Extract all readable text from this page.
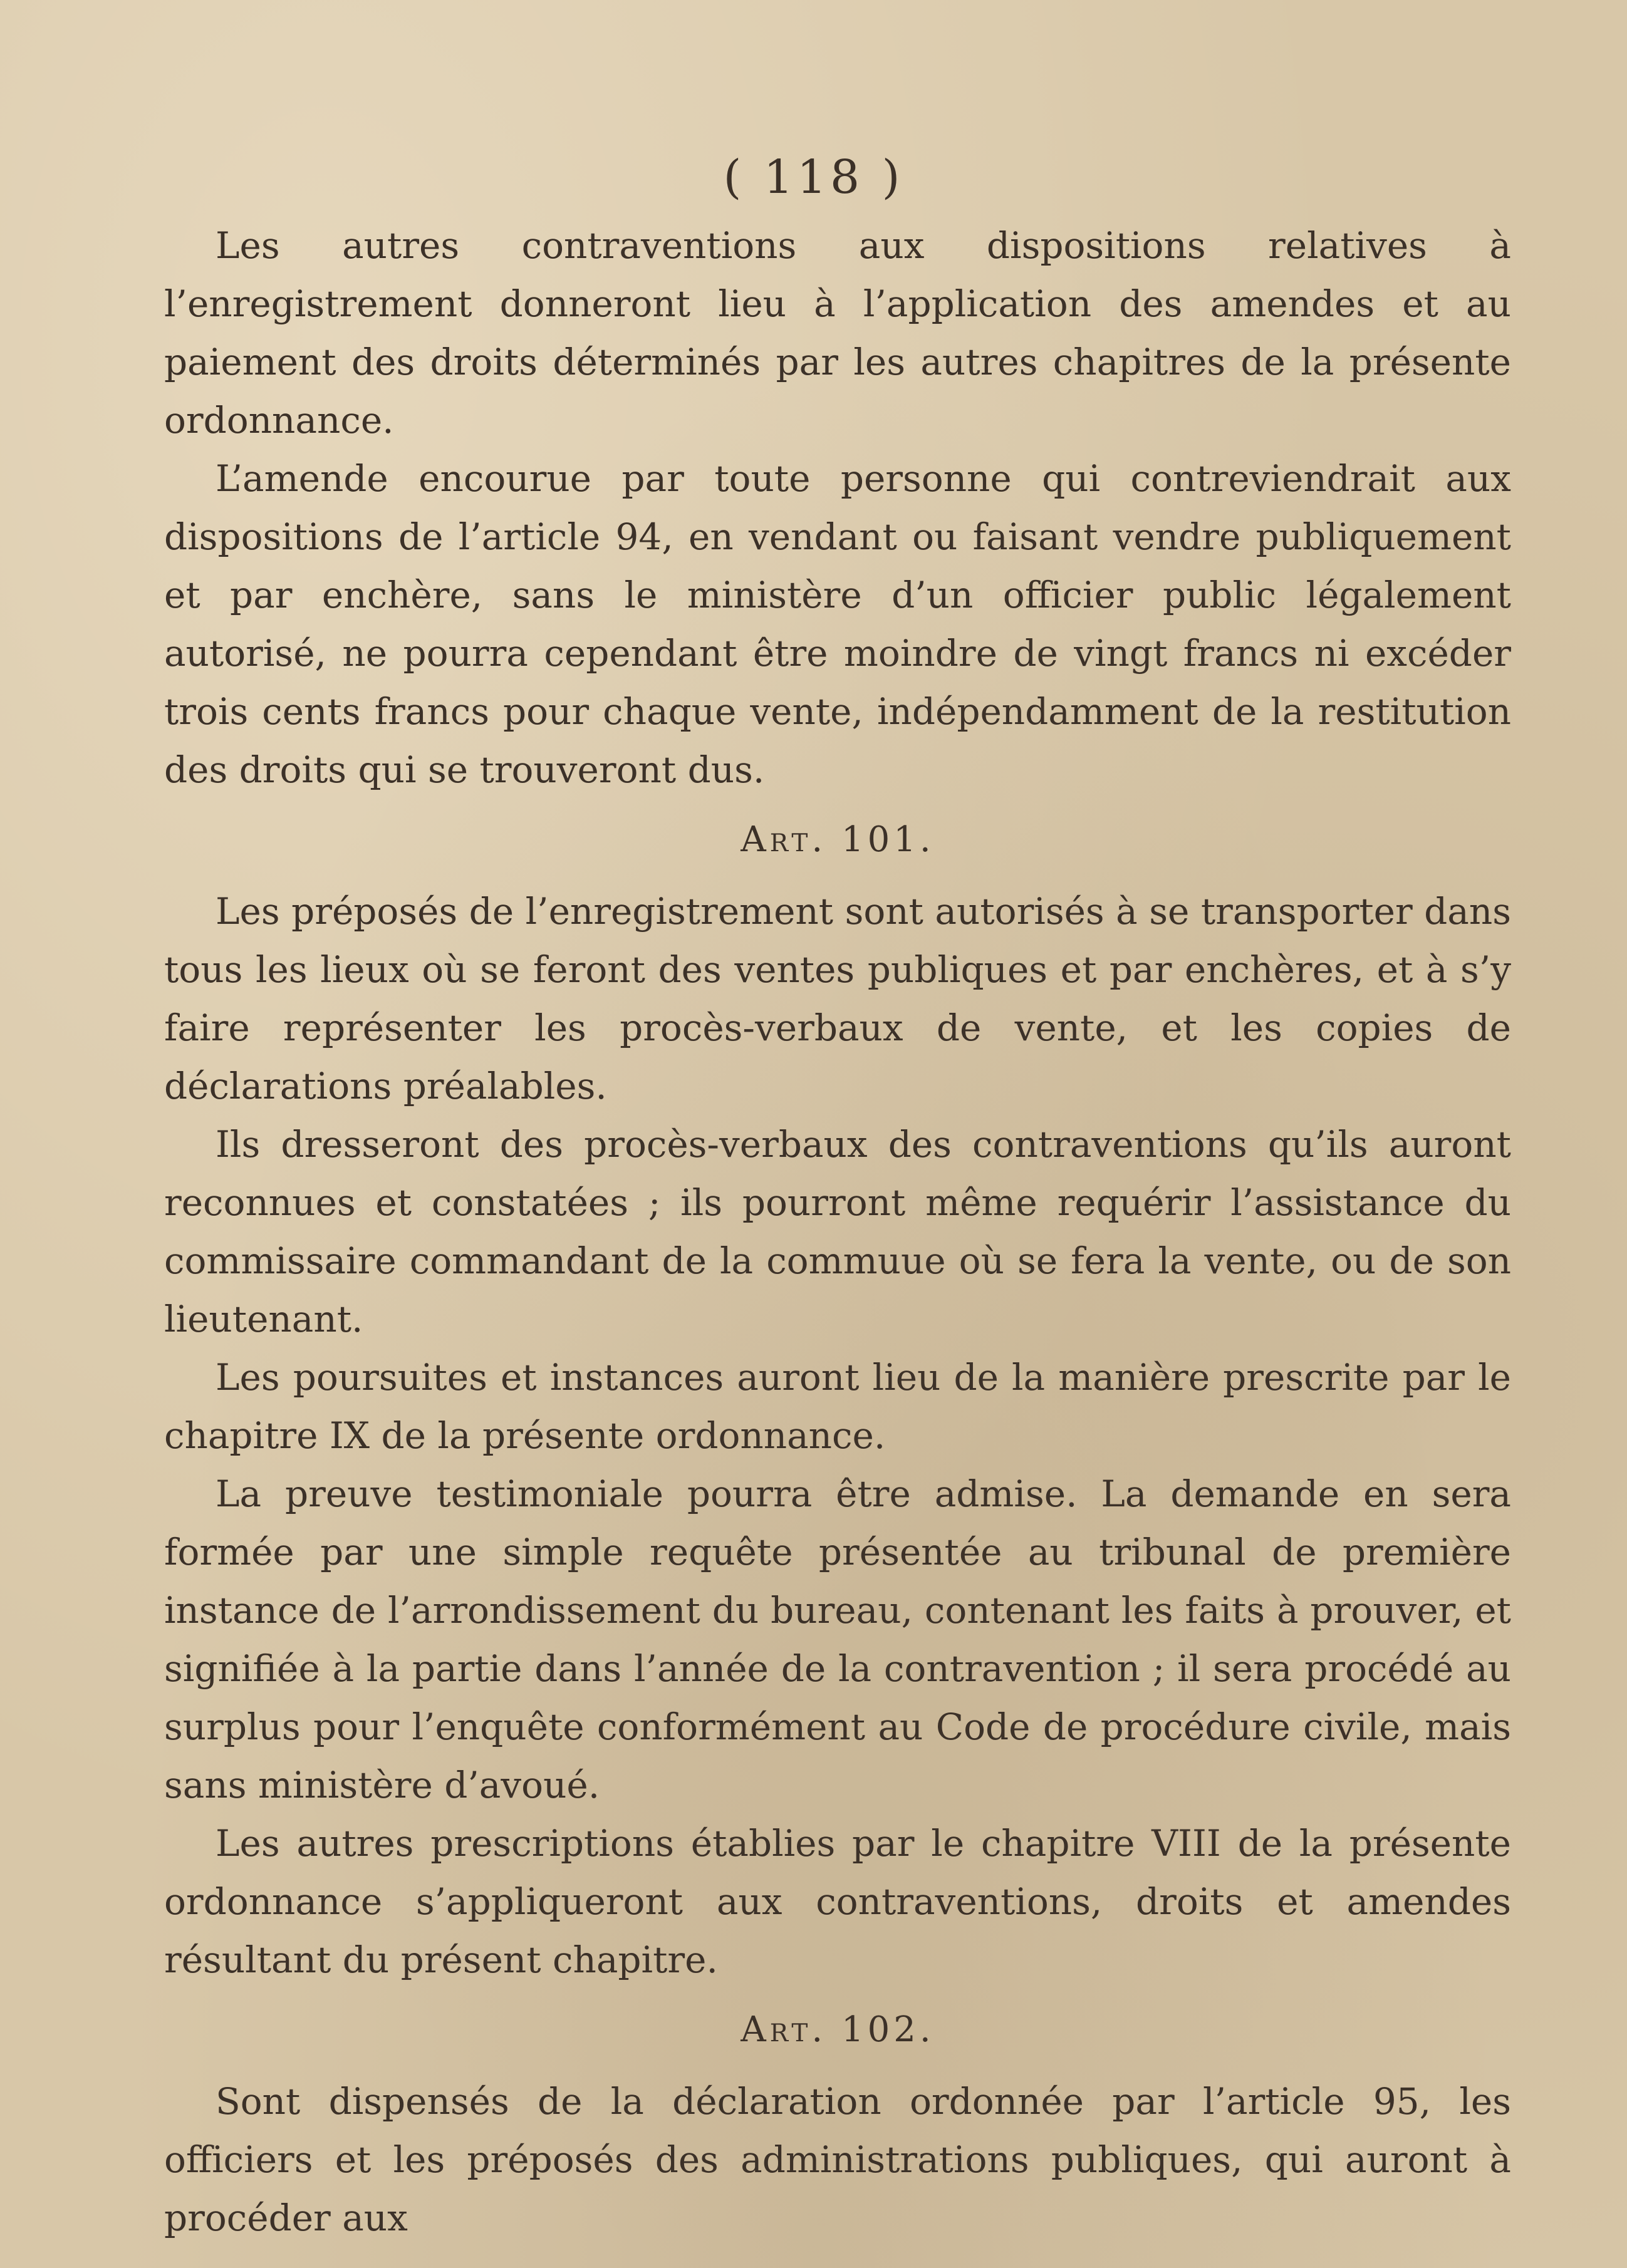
( 118 )

Les autres contraventions aux dispositions relatives à l’enregistrement donneront lieu à l’application des amendes et au paiement des droits déterminés par les autres chapitres de la présente ordonnance.

L’amende encourue par toute personne qui contreviendrait aux dispositions de l’article 94, en vendant ou faisant vendre publiquement et par enchère, sans le ministère d’un officier public légalement autorisé, ne pourra cependant être moindre de vingt francs ni excéder trois cents francs pour chaque vente, indépendamment de la restitution des droits qui se trouveront dus.

Art. 101.

Les préposés de l’enregistrement sont autorisés à se transporter dans tous les lieux où se feront des ventes publiques et par enchères, et à s’y faire représenter les procès-verbaux de vente, et les copies de déclarations préalables.

Ils dresseront des procès-verbaux des contraventions qu’ils auront reconnues et constatées ; ils pourront même requérir l’assistance du commissaire commandant de la commuue où se fera la vente, ou de son lieutenant.

Les poursuites et instances auront lieu de la manière prescrite par le chapitre IX de la présente ordonnance.

La preuve testimoniale pourra être admise. La demande en sera formée par une simple requête présentée au tribunal de première instance de l’arrondissement du bureau, contenant les faits à prouver, et signifiée à la partie dans l’année de la contravention ; il sera procédé au surplus pour l’enquête conformément au Code de procédure civile, mais sans ministère d’avoué.

Les autres prescriptions établies par le chapitre VIII de la présente ordonnance s’appliqueront aux contraventions, droits et amendes résultant du présent chapitre.

Art. 102.

Sont dispensés de la déclaration ordonnée par l’article 95, les officiers et les préposés des administrations publiques, qui auront à procéder aux
